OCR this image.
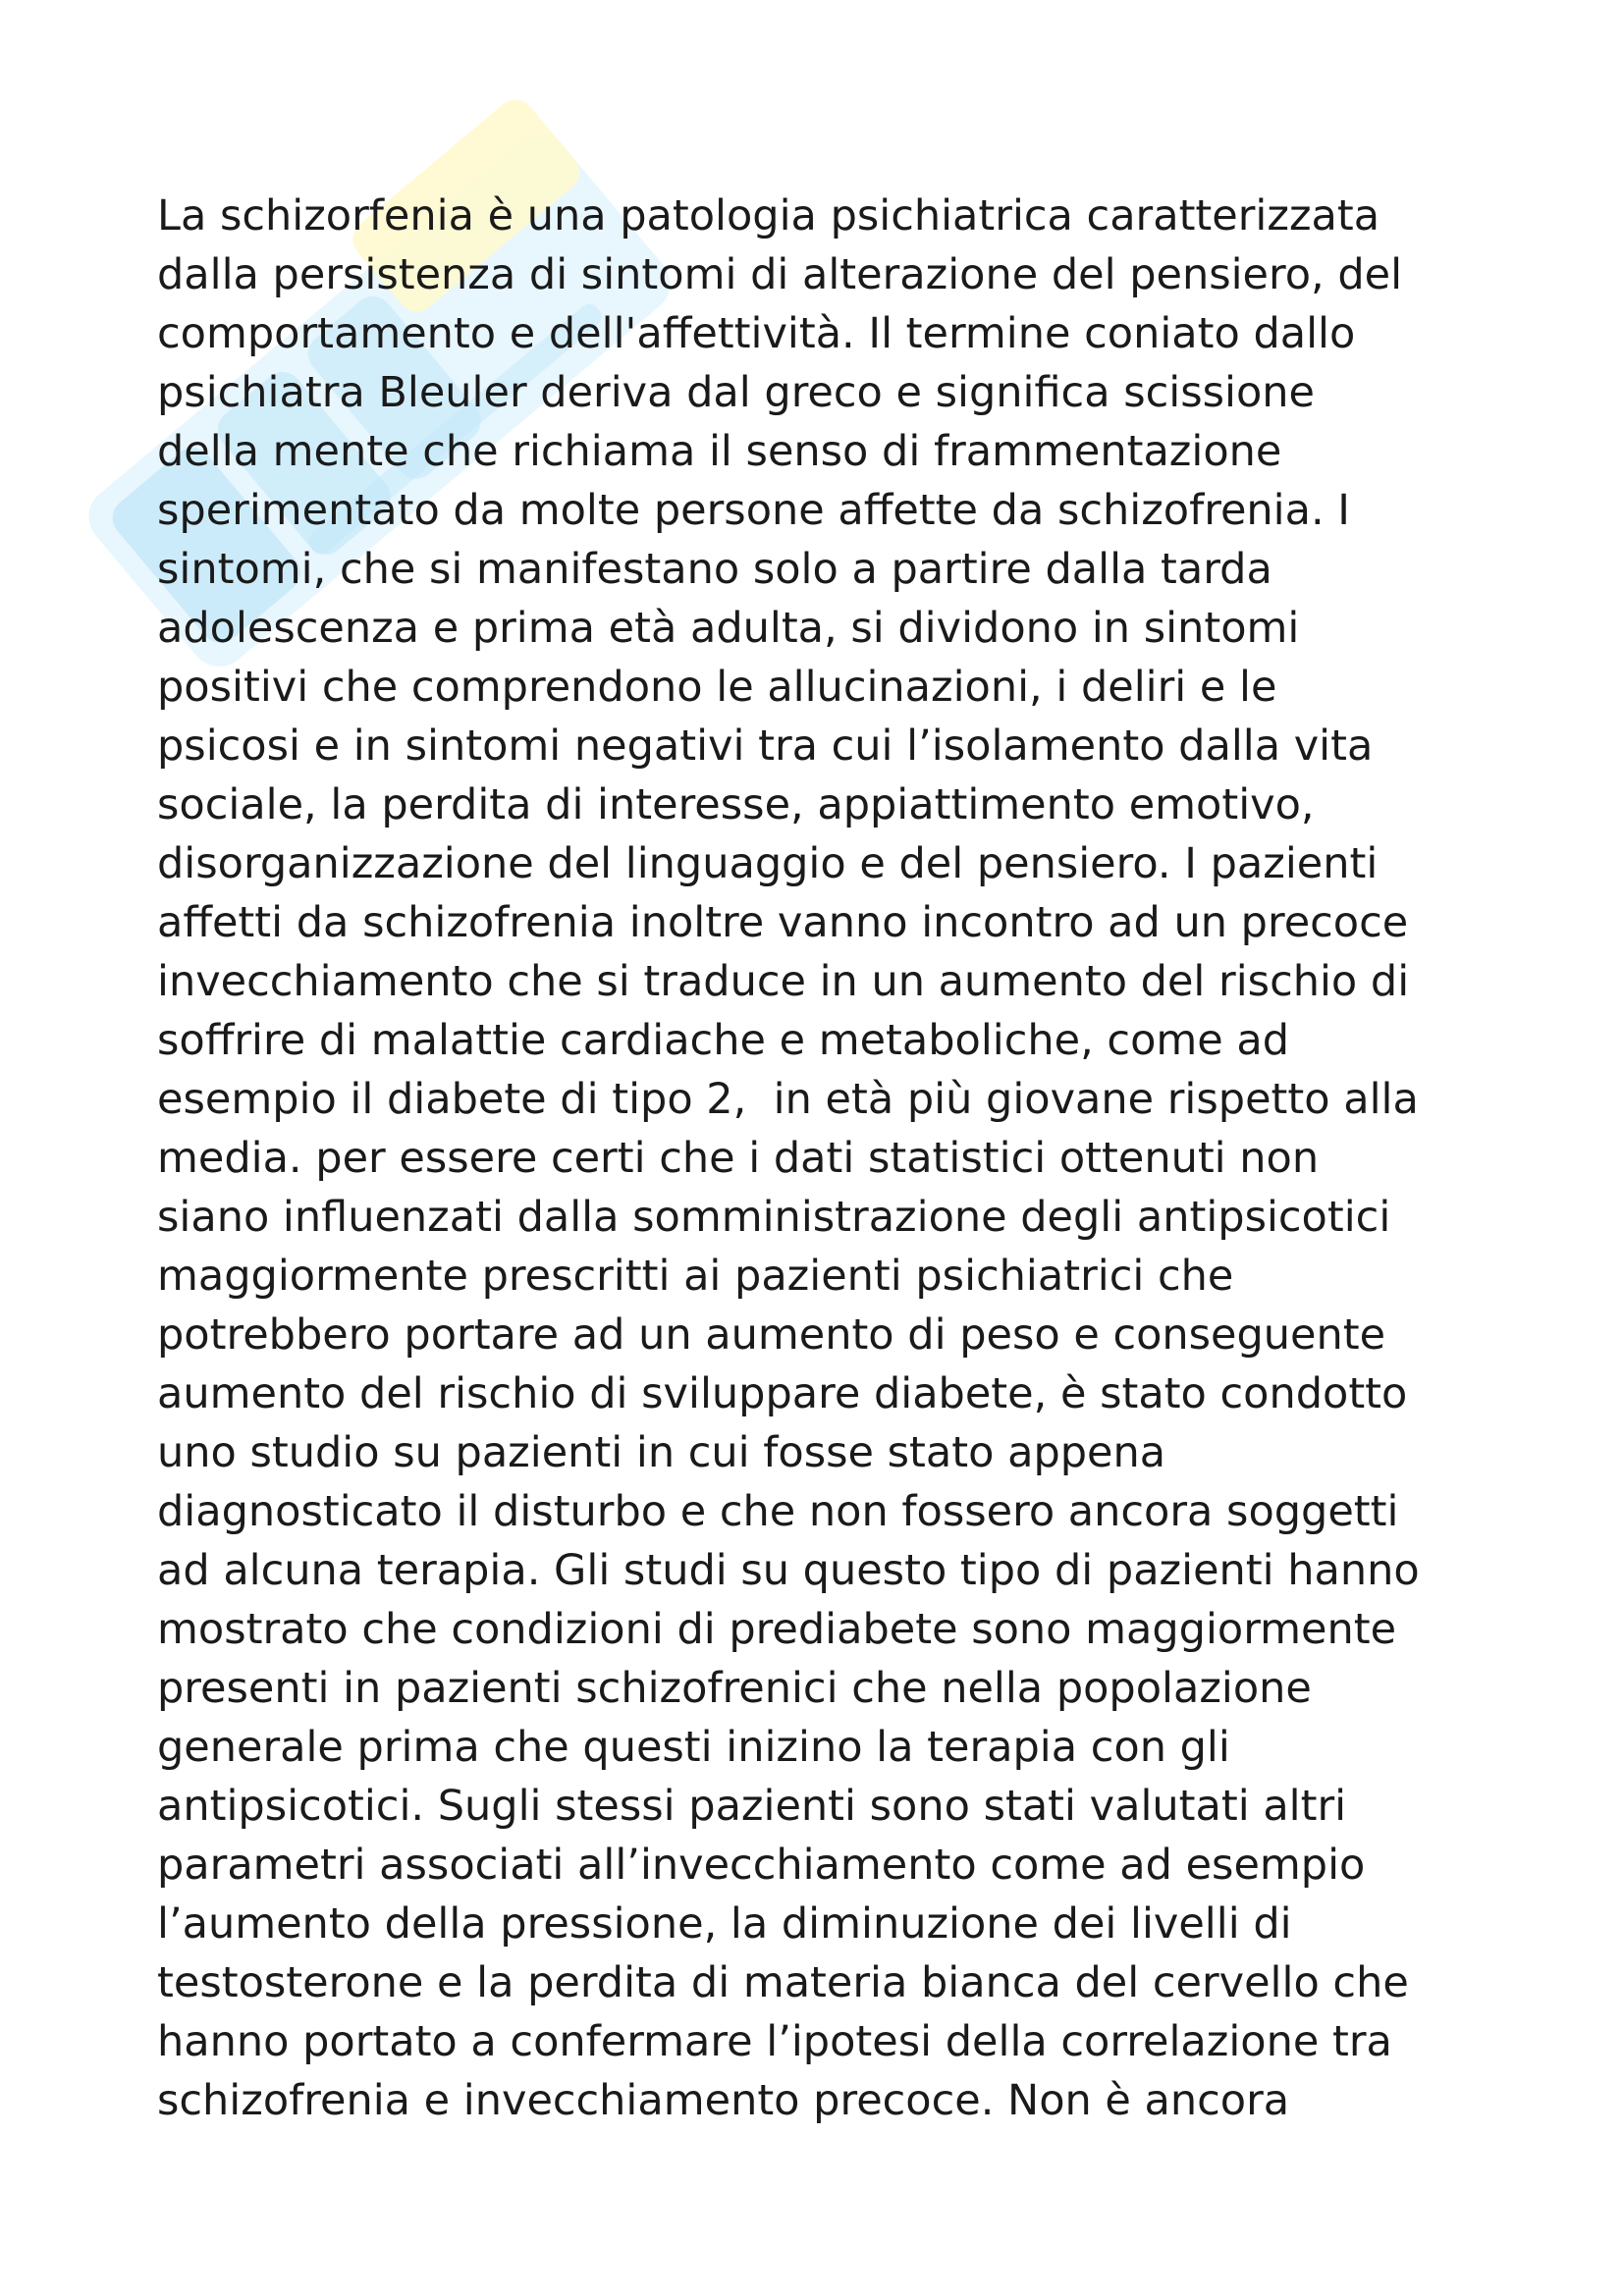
La schizorfenia è una patologia psichiatrica caratterizzata
dalla persistenza di sintomi di alterazione del pensiero, del
comportamento e dell'affettività. Il termine coniato dallo
psichiatra Bleuler deriva dal greco e significa scissione
della mente che richiama il senso di frammentazione
sperimentato da molte persone affette da schizofrenia. I
sintomi, che si manifestano solo a partire dalla tarda
adolescenza e prima età adulta, si dividono in sintomi
positivi che comprendono le allucinazioni, i deliri e le
psicosi e in sintomi negativi tra cui l’isolamento dalla vita
sociale, la perdita di interesse, appiattimento emotivo,
disorganizzazione del linguaggio e del pensiero. I pazienti
affetti da schizofrenia inoltre vanno incontro ad un precoce
invecchiamento che si traduce in un aumento del rischio di
soffrire di malattie cardiache e metaboliche, come ad
esempio il diabete di tipo 2,  in età più giovane rispetto alla
media. per essere certi che i dati statistici ottenuti non
siano influenzati dalla somministrazione degli antipsicotici
maggiormente prescritti ai pazienti psichiatrici che
potrebbero portare ad un aumento di peso e conseguente
aumento del rischio di sviluppare diabete, è stato condotto
uno studio su pazienti in cui fosse stato appena
diagnosticato il disturbo e che non fossero ancora soggetti
ad alcuna terapia. Gli studi su questo tipo di pazienti hanno
mostrato che condizioni di prediabete sono maggiormente
presenti in pazienti schizofrenici che nella popolazione
generale prima che questi inizino la terapia con gli
antipsicotici. Sugli stessi pazienti sono stati valutati altri
parametri associati all’invecchiamento come ad esempio
l’aumento della pressione, la diminuzione dei livelli di
testosterone e la perdita di materia bianca del cervello che
hanno portato a confermare l’ipotesi della correlazione tra
schizofrenia e invecchiamento precoce. Non è ancora
